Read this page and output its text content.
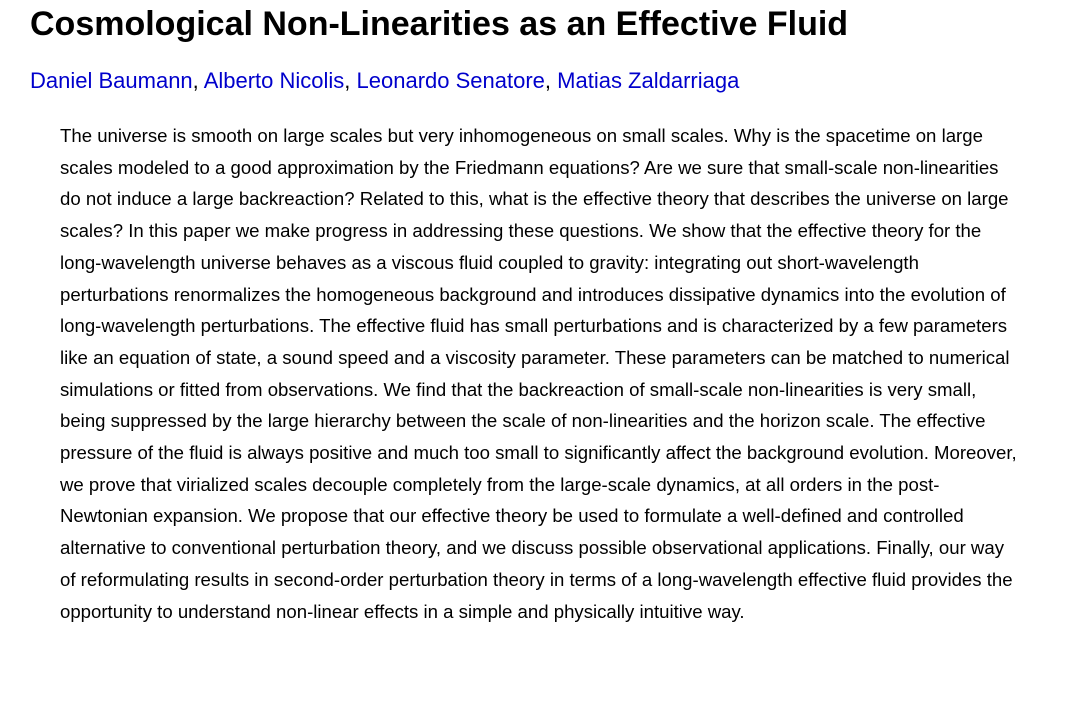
Cosmological Non-Linearities as an Effective Fluid
Daniel Baumann, Alberto Nicolis, Leonardo Senatore, Matias Zaldarriaga

The universe is smooth on large scales but very inhomogeneous on small scales. Why is the spacetime on large scales modeled to a good approximation by the Friedmann equations? Are we sure that small-scale non-linearities do not induce a large backreaction? Related to this, what is the effective theory that describes the universe on large scales? In this paper we make progress in addressing these questions. We show that the effective theory for the long-wavelength universe behaves as a viscous fluid coupled to gravity: integrating out short-wavelength perturbations renormalizes the homogeneous background and introduces dissipative dynamics into the evolution of long-wavelength perturbations. The effective fluid has small perturbations and is characterized by a few parameters like an equation of state, a sound speed and a viscosity parameter. These parameters can be matched to numerical simulations or fitted from observations. We find that the backreaction of small-scale non-linearities is very small, being suppressed by the large hierarchy between the scale of non-linearities and the horizon scale. The effective pressure of the fluid is always positive and much too small to significantly affect the background evolution. Moreover, we prove that virialized scales decouple completely from the large-scale dynamics, at all orders in the post-Newtonian expansion. We propose that our effective theory be used to formulate a well-defined and controlled alternative to conventional perturbation theory, and we discuss possible observational applications. Finally, our way of reformulating results in second-order perturbation theory in terms of a long-wavelength effective fluid provides the opportunity to understand non-linear effects in a simple and physically intuitive way.
